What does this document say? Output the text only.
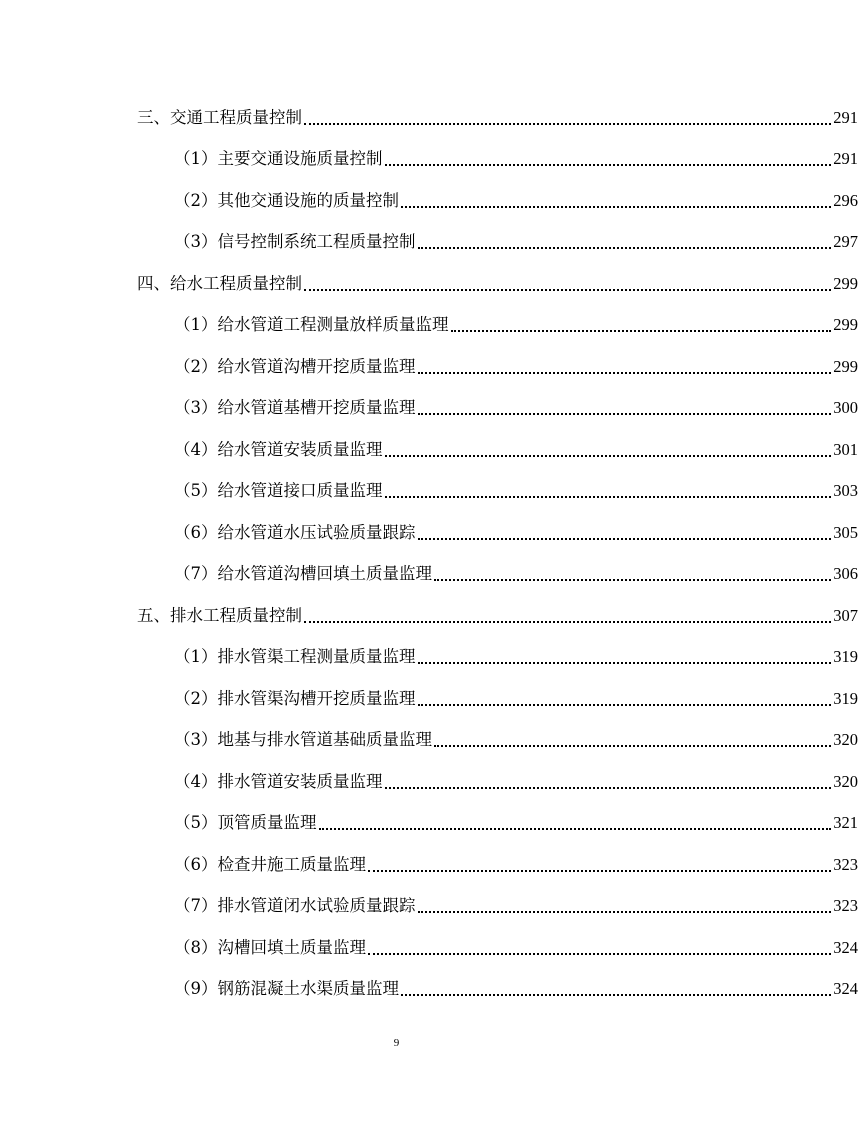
三、交通工程质量控制	291
（1）主要交通设施质量控制	291
（2）其他交通设施的质量控制	296
（3）信号控制系统工程质量控制	297
四、给水工程质量控制	299
（1）给水管道工程测量放样质量监理	299
（2）给水管道沟槽开挖质量监理	299
（3）给水管道基槽开挖质量监理	300
（4）给水管道安装质量监理	301
（5）给水管道接口质量监理	303
（6）给水管道水压试验质量跟踪	305
（7）给水管道沟槽回填土质量监理	306
五、排水工程质量控制	307
（1）排水管渠工程测量质量监理	319
（2）排水管渠沟槽开挖质量监理	319
（3）地基与排水管道基础质量监理	320
（4）排水管道安装质量监理	320
（5）顶管质量监理	321
（6）检查井施工质量监理	323
（7）排水管道闭水试验质量跟踪	323
（8）沟槽回填土质量监理	324
（9）钢筋混凝土水渠质量监理	324
9
